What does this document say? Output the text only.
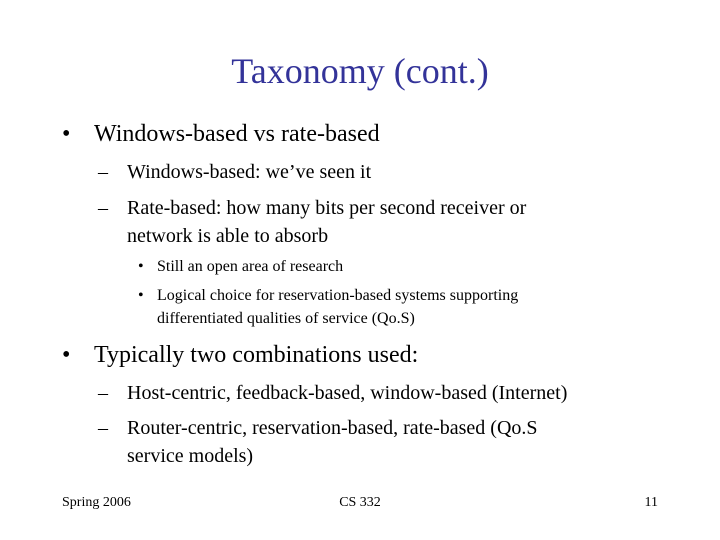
Taxonomy (cont.)
• Windows-based vs rate-based
– Windows-based: we’ve seen it
– Rate-based: how many bits per second receiver or
network is able to absorb
• Still an open area of research
• Logical choice for reservation-based systems supporting
differentiated qualities of service (Qo.S)
• Typically two combinations used:
– Host-centric, feedback-based, window-based (Internet)
– Router-centric, reservation-based, rate-based (Qo.S
service models)
Spring 2006	CS 332	11
